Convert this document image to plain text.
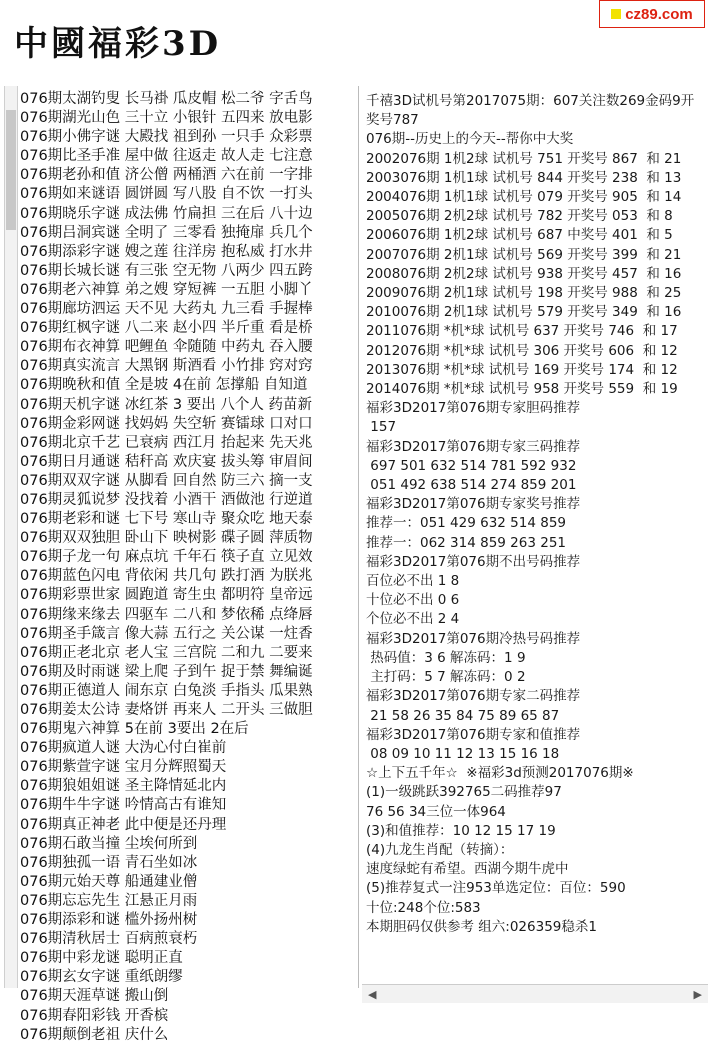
中國福彩3D
cz89.com
076期太湖钓叟 长马褂 瓜皮帽 松二爷 字舌鸟
076期湖光山色 三十立 小银针 五四来 放电影
076期小佛字谜 大殿找 祖到孙 一只手 众彩票
076期比圣手准 屋中做 往返走 故人走 七注意
076期老孙和值 济公僧 两桶酒 六在前 一字排
076期如来谜语 圆饼圆 写八股 自不饮 一打头
076期晓乐字谜 成法佛 竹扁担 三在后 八十边
076期吕洞宾谜 全明了 三零看 独掩扉 兵几个
076期添彩字谜 嫂之莲 往洋房 抱私威 打水井
076期长城长谜 有三张 空无物 八两少 四五跨
076期老六神算 弟之嫂 穿短裤 一五胆 小脚丫
076期廊坊泗运 天不见 大药丸 九三看 手握棒
076期红枫字谜 八二来 赵小四 半斤重 看是桥
076期布衣神算 吧鲤鱼 伞随随 中药丸 吞入腰
076期真实流言 大黑钢 斯酒看 小竹排 窍对窍
076期晚秋和值 全是坡 4在前 怎撑船 自知道
076期天机字谜 冰红茶 3 要出 八个人 药苗新
076期金彩网谜 找妈妈 失空斩 赛镭球 口对口
076期北京千艺 已衰病 西江月 抬起来 先天兆
076期日月通谜 秸秆高 欢庆宴 拔头筹 审眉间
076期双双字谜 从脚看 回自然 防三六 摘一支
076期灵狐说梦 没找着 小酒干 酒做池 行逆道
076期老彩和谜 七下号 寒山寺 聚众吃 地天泰
076期双双独胆 卧山下 映树影 碟子圆 萍质物
076期子龙一句 麻点坑 千年石 筷子直 立见效
076期蓝色闪电 背依闲 共几句 跌打酒 为朕兆
076期彩票世家 圆跑道 寄生虫 都明符 皇帝远
076期缘来缘去 四驱车 二八和 梦依稀 点绛唇
076期圣手箴言 像大蒜 五行之 关公谋 一炷香
076期正老北京 老人宝 三宫院 二和九 二要来
076期及时雨谜 梁上爬 子到午 捉于禁 舞编诞
076期正德道人 闹东京 白兔淡 手指头 瓜果熟
076期姜太公诗 妻烙饼 再来人 二开头 三做胆
076期鬼六神算 5在前 3要出 2在后
076期疯道人谜 大沩心付白崔前
076期紫萱字谜 宝月分辉照蜀天
076期狼姐姐谜 圣主降情延北内
076期牛牛字谜 吟情高古有谁知
076期真正神老 此中便是还丹理
076期石敢当撞 尘埃何所到
076期独孤一语 青石坐如冰
076期元始天尊 船通建业僧
076期忘忘先生 江悬正月雨
076期添彩和谜 槛外扬州树
076期清秋居士 百病煎衰朽
076期中彩龙谜 聪明正直
076期玄女字谜 重纸朗缪
076期天涯草谜 搬山倒
076期春阳彩钱 开香槟
076期颠倒老祖 庆什么
千禧3D试机号第2017075期：607关注数269金码9开奖号787
076期--历史上的今天--帮你中大奖
2002076期 1机2球 试机号 751 开奖号 867  和 21
2003076期 1机1球 试机号 844 开奖号 238  和 13
2004076期 1机1球 试机号 079 开奖号 905  和 14
2005076期 2机2球 试机号 782 开奖号 053  和 8
2006076期 1机2球 试机号 687 中奖号 401  和 5
2007076期 2机1球 试机号 569 开奖号 399  和 21
2008076期 2机2球 试机号 938 开奖号 457  和 16
2009076期 2机1球 试机号 198 开奖号 988  和 25
2010076期 2机1球 试机号 579 开奖号 349  和 16
2011076期 *机*球 试机号 637 开奖号 746  和 17
2012076期 *机*球 试机号 306 开奖号 606  和 12
2013076期 *机*球 试机号 169 开奖号 174  和 12
2014076期 *机*球 试机号 958 开奖号 559  和 19
福彩3D2017第076期专家胆码推荐
157
福彩3D2017第076期专家三码推荐
697 501 632 514 781 592 932
051 492 638 514 274 859 201
福彩3D2017第076期专家奖号推荐
推荐一：051 429 632 514 859
推荐一：062 314 859 263 251
福彩3D2017第076期不出号码推荐
百位必不出 1 8
十位必不出 0 6
个位必不出 2 4
福彩3D2017第076期冷热号码推荐
热码值：3 6 解冻码：1 9
主打码：5 7 解冻码：0 2
福彩3D2017第076期专家二码推荐
21 58 26 35 84 75 89 65 87
福彩3D2017第076期专家和值推荐
08 09 10 11 12 13 15 16 18
☆上下五千年☆  ※福彩3d预测2017076期※
(1)一级跳跃392765二码推荐97
76 56 34三位一体964
(3)和值推荐：10 12 15 17 19
(4)九龙生肖配（转摘）：
速度绿蛇有希望。西湖今期牛虎中
(5)推荐复式一注953单选定位：百位：590
十位:248个位:583
本期胆码仅供参考 组六:026359稳杀1
◀	▶
